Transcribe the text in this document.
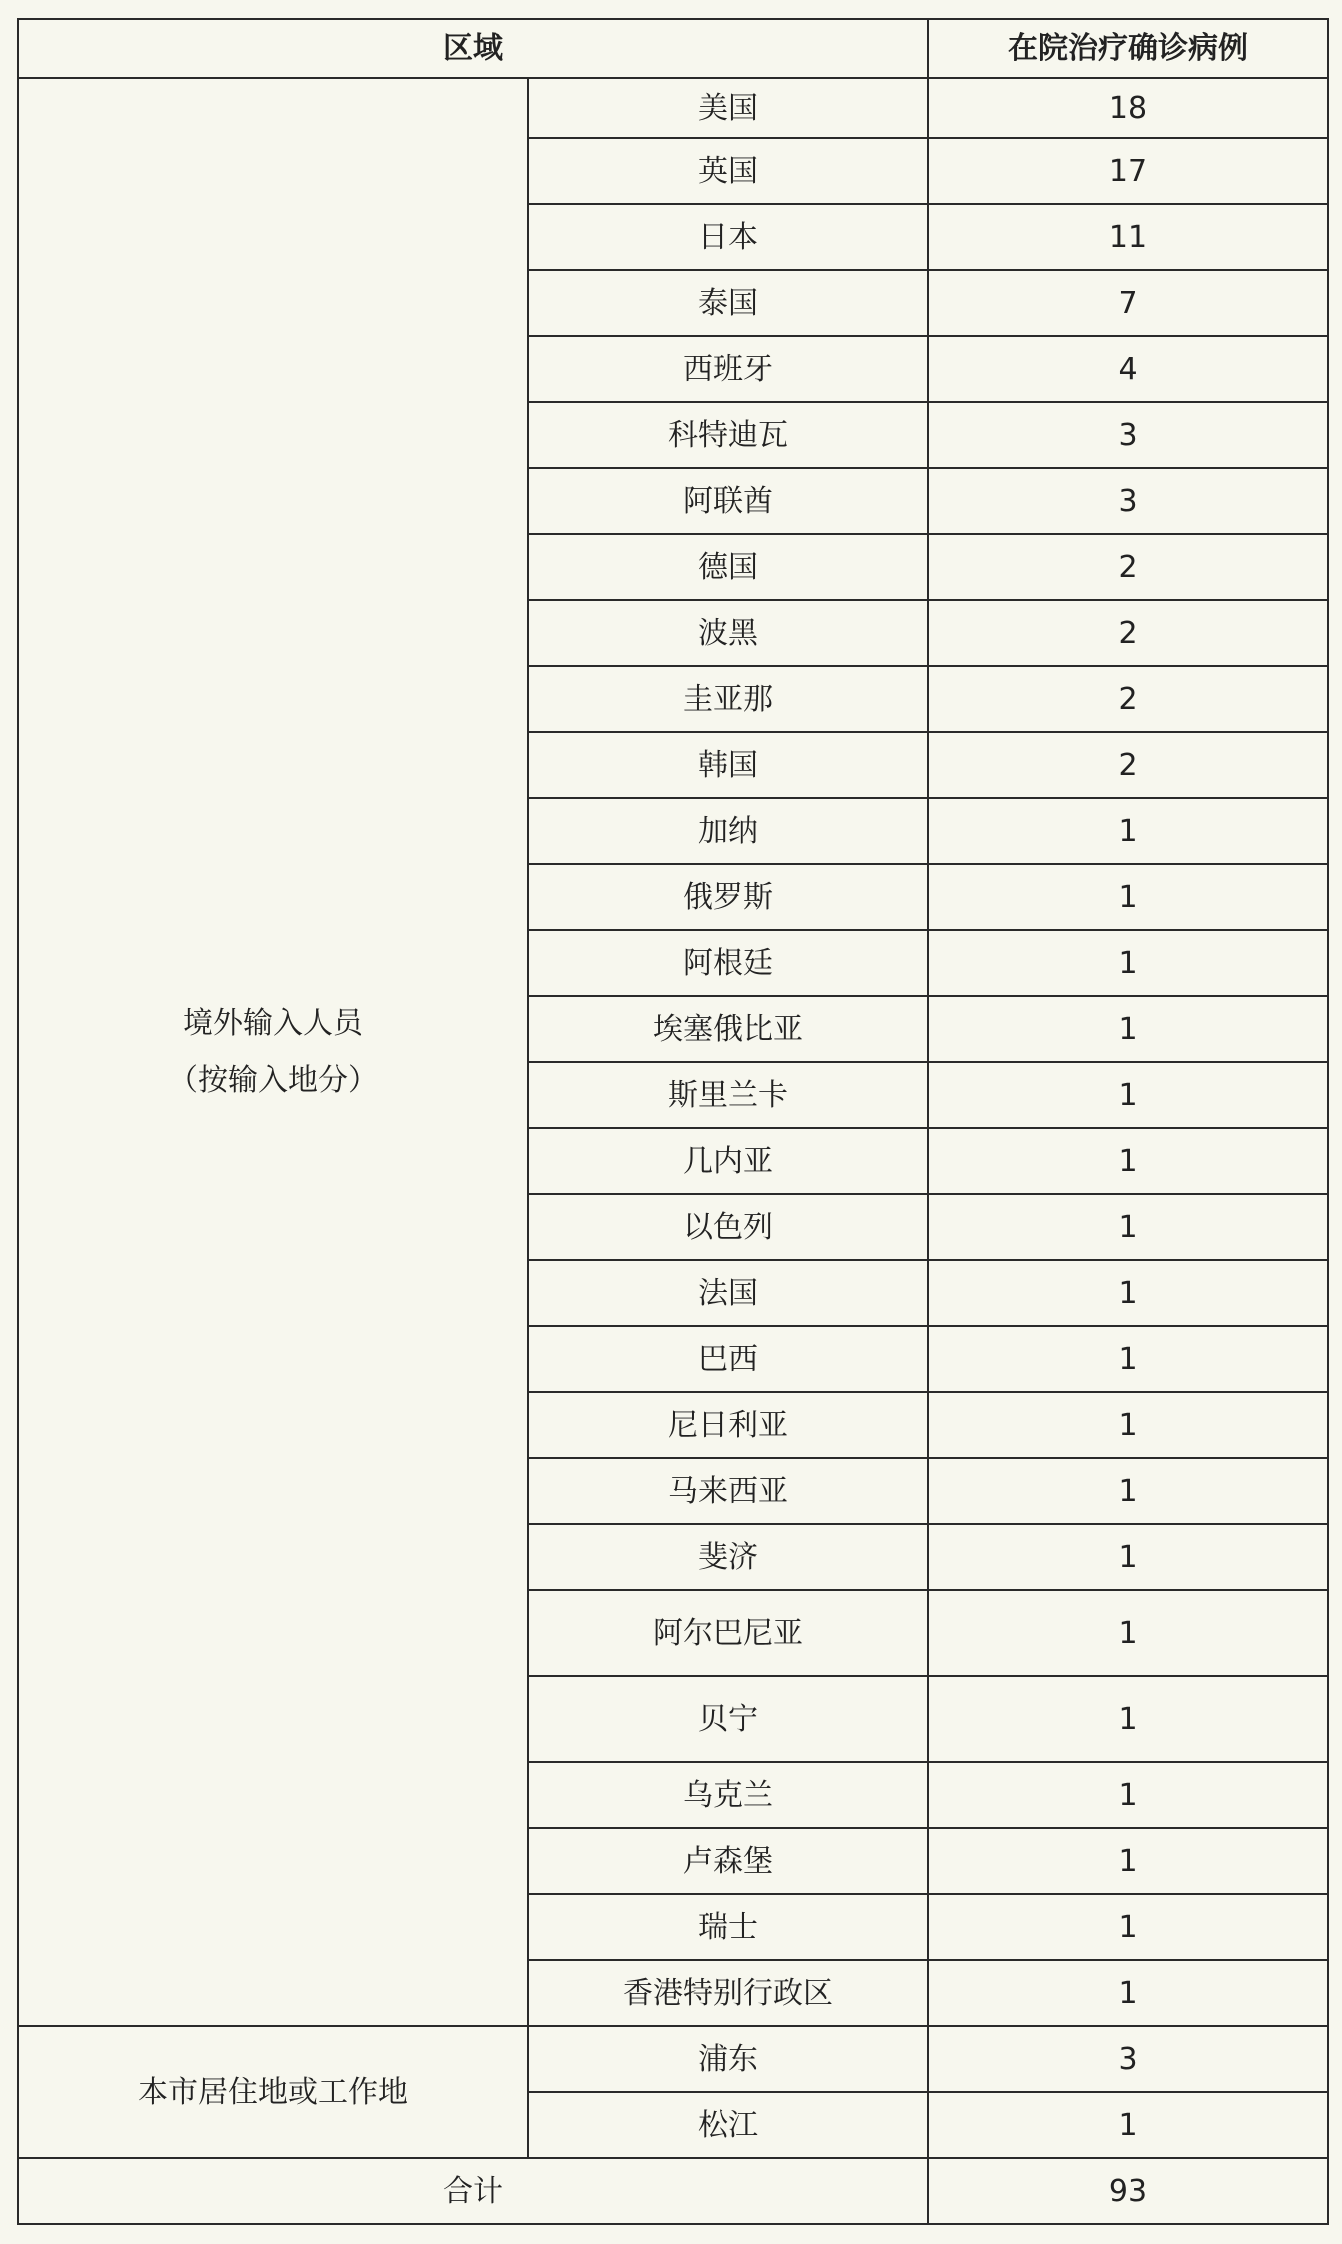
区域		在院治疗确诊病例

境外输入人员
（按输入地分）	美国	18
	英国	17
	日本	11
	泰国	7
	西班牙	4
	科特迪瓦	3
	阿联酋	3
	德国	2
	波黑	2
	圭亚那	2
	韩国	2
	加纳	1
	俄罗斯	1
	阿根廷	1
	埃塞俄比亚	1
	斯里兰卡	1
	几内亚	1
	以色列	1
	法国	1
	巴西	1
	尼日利亚	1
	马来西亚	1
	斐济	1
	阿尔巴尼亚	1
	贝宁	1
	乌克兰	1
	卢森堡	1
	瑞士	1
	香港特别行政区	1

本市居住地或工作地	浦东	3
	松江	1
合计		93
